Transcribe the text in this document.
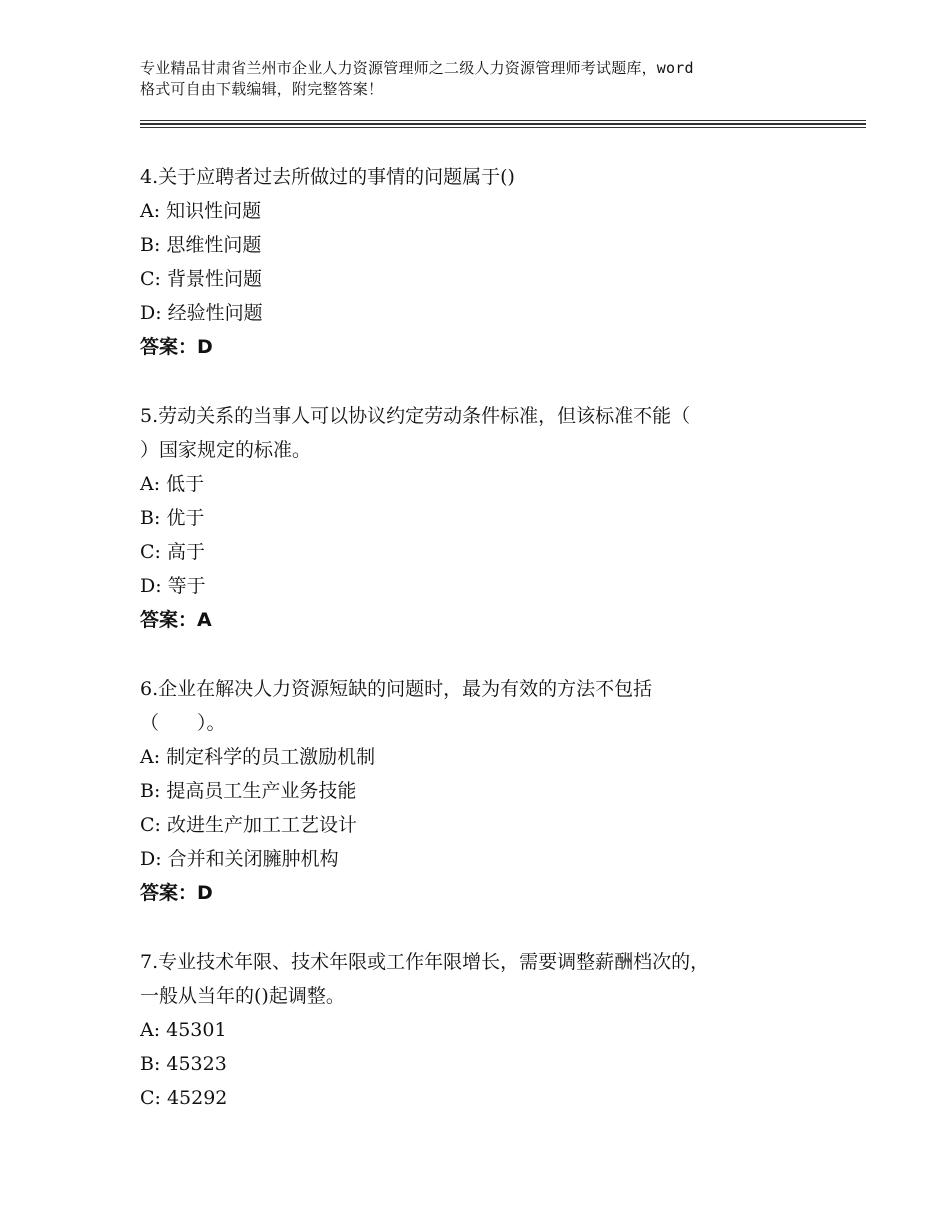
专业精品甘肃省兰州市企业人力资源管理师之二级人力资源管理师考试题库，word
格式可自由下载编辑，附完整答案！

4.关于应聘者过去所做过的事情的问题属于()

A: 知识性问题
B: 思维性问题
C: 背景性问题
D: 经验性问题
答案：D

5.劳动关系的当事人可以协议约定劳动条件标准，但该标准不能（
）国家规定的标准。

A: 低于
B: 优于
C: 高于
D: 等于
答案：A

6.企业在解决人力资源短缺的问题时，最为有效的方法不包括
（　　）。

A: 制定科学的员工激励机制
B: 提高员工生产业务技能
C: 改进生产加工工艺设计
D: 合并和关闭臃肿机构
答案：D

7.专业技术年限、技术年限或工作年限增长，需要调整薪酬档次的，
一般从当年的()起调整。

A: 45301
B: 45323
C: 45292
